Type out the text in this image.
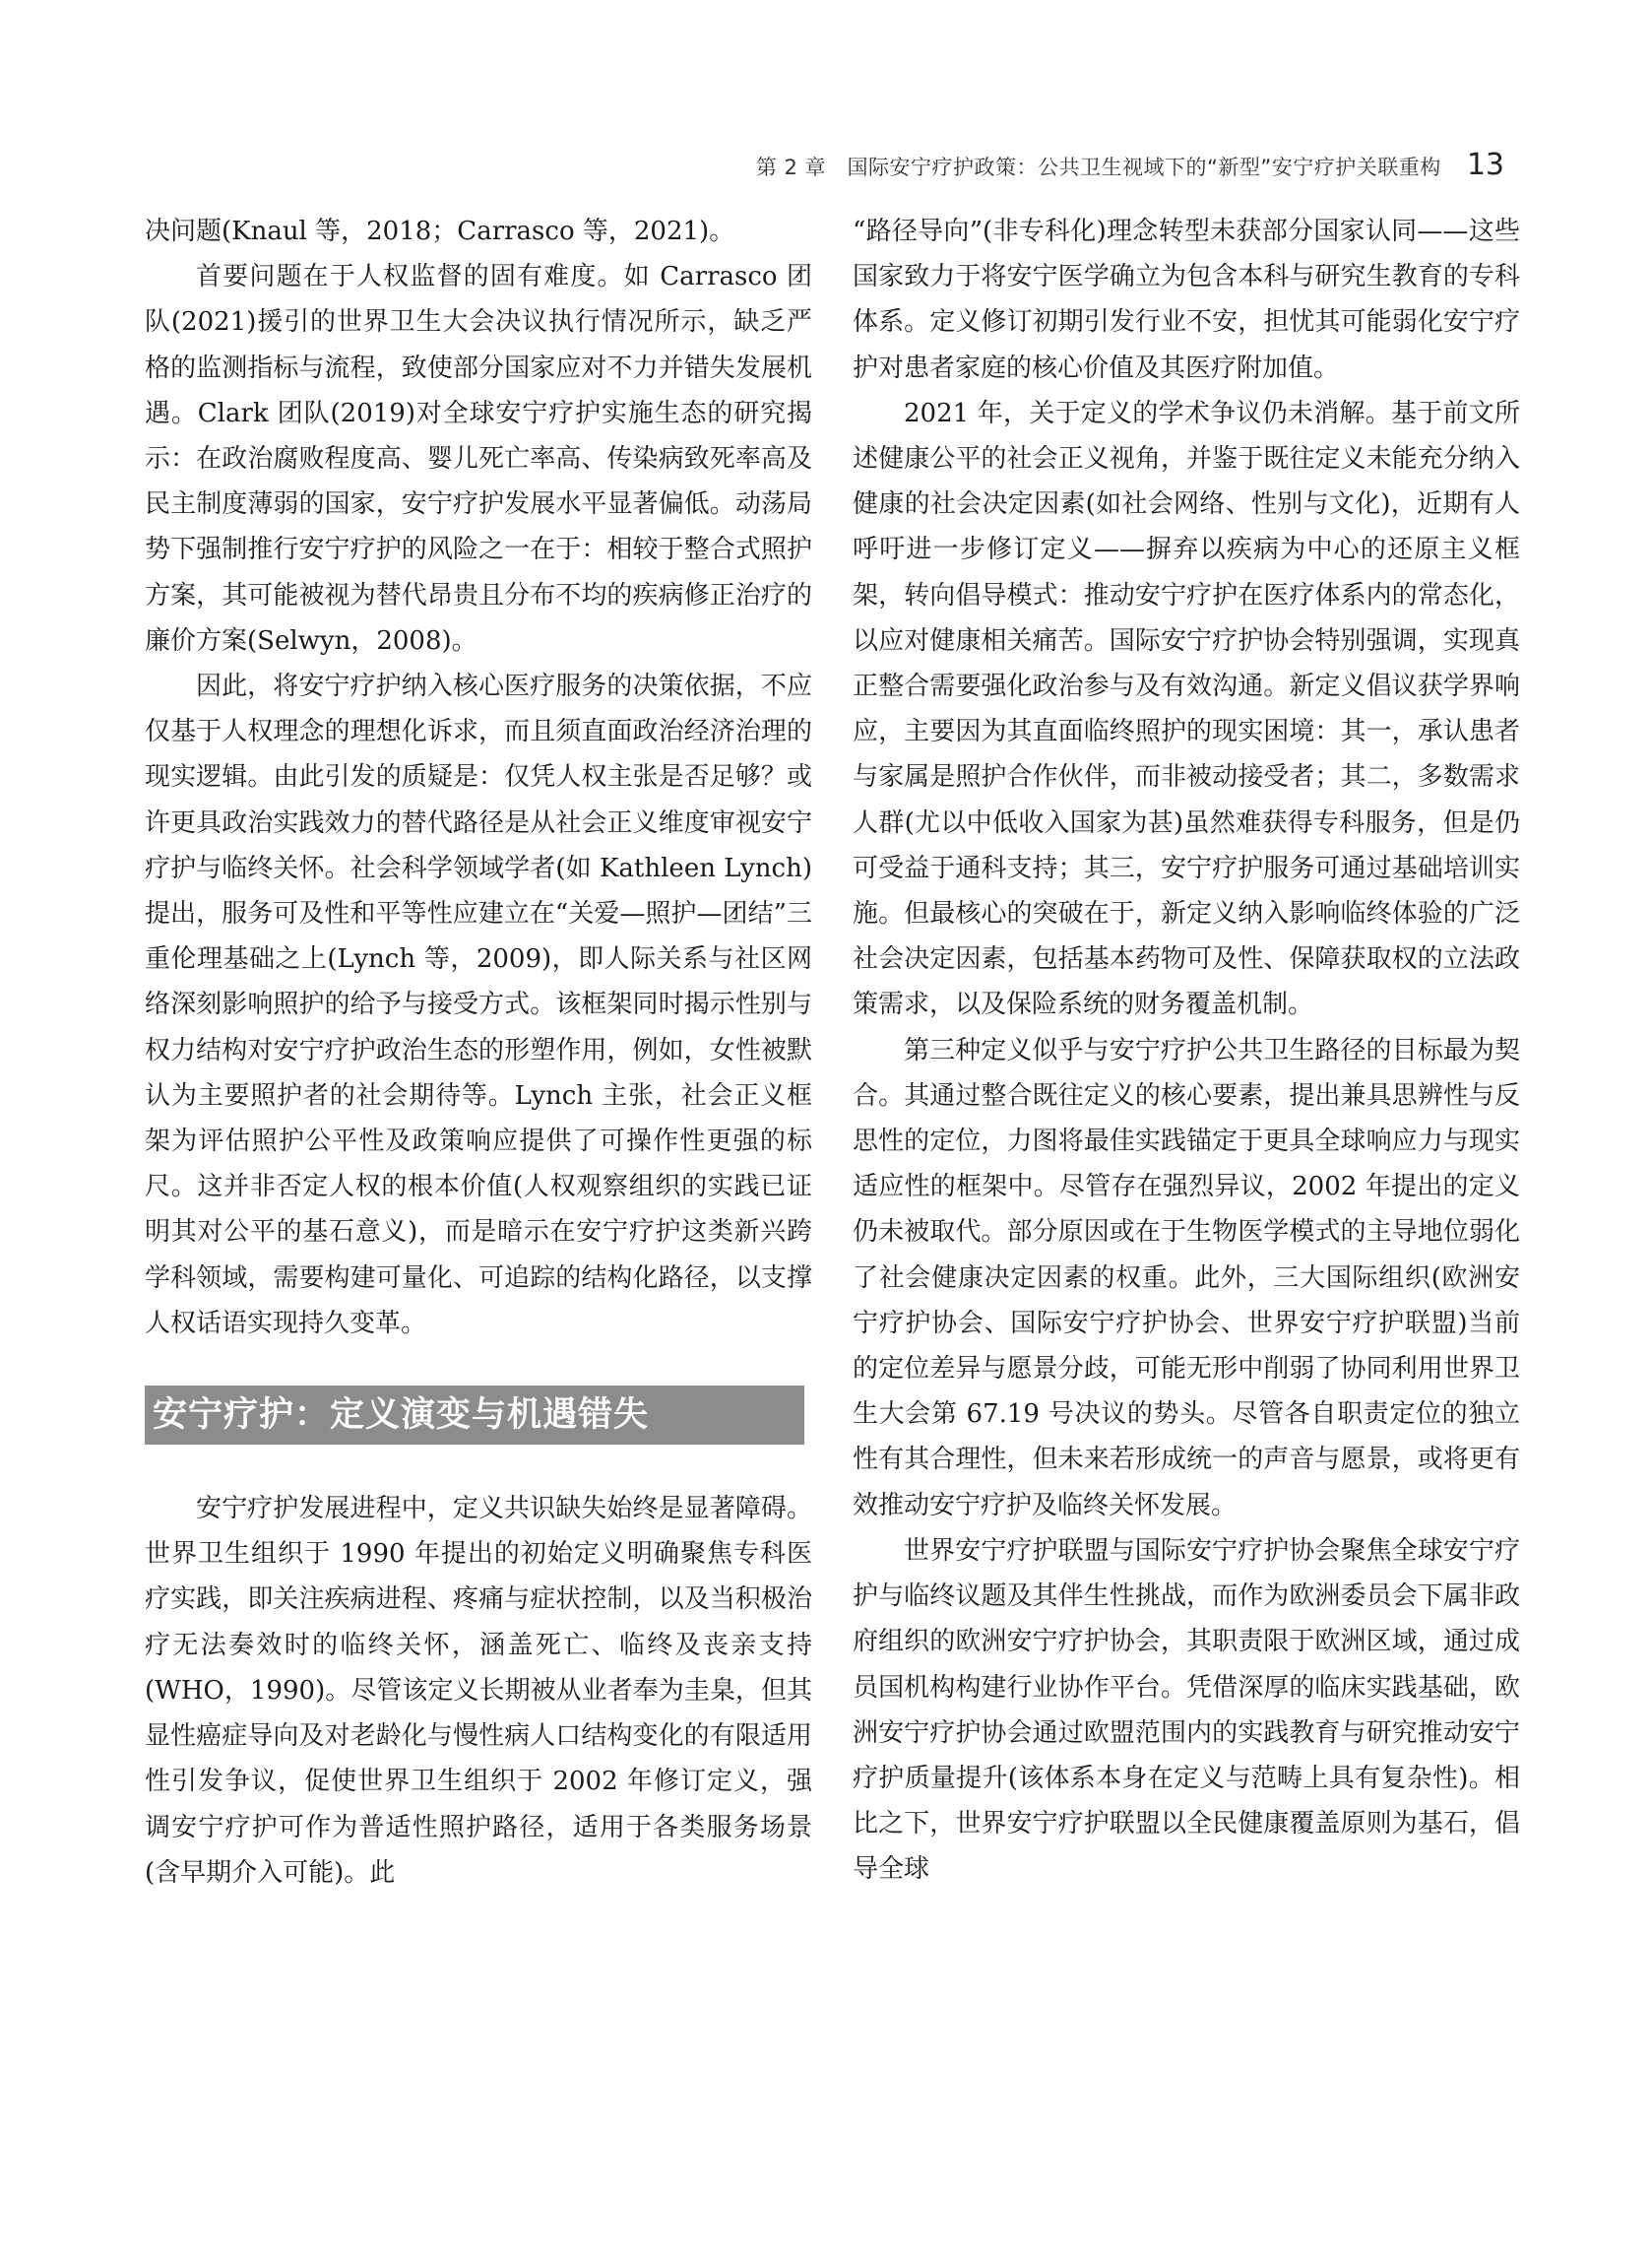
第 2 章　国际安宁疗护政策：公共卫生视域下的“新型”安宁疗护关联重构 13

决问题(Knaul 等，2018；Carrasco 等，2021)。

首要问题在于人权监督的固有难度。如 Carrasco 团队(2021)援引的世界卫生大会决议执行情况所示，缺乏严格的监测指标与流程，致使部分国家应对不力并错失发展机遇。Clark 团队(2019)对全球安宁疗护实施生态的研究揭示：在政治腐败程度高、婴儿死亡率高、传染病致死率高及民主制度薄弱的国家，安宁疗护发展水平显著偏低。动荡局势下强制推行安宁疗护的风险之一在于：相较于整合式照护方案，其可能被视为替代昂贵且分布不均的疾病修正治疗的廉价方案(Selwyn，2008)。

因此，将安宁疗护纳入核心医疗服务的决策依据，不应仅基于人权理念的理想化诉求，而且须直面政治经济治理的现实逻辑。由此引发的质疑是：仅凭人权主张是否足够？或许更具政治实践效力的替代路径是从社会正义维度审视安宁疗护与临终关怀。社会科学领域学者(如 Kathleen Lynch)提出，服务可及性和平等性应建立在“关爱—照护—团结”三重伦理基础之上(Lynch 等，2009)，即人际关系与社区网络深刻影响照护的给予与接受方式。该框架同时揭示性别与权力结构对安宁疗护政治生态的形塑作用，例如，女性被默认为主要照护者的社会期待等。Lynch 主张，社会正义框架为评估照护公平性及政策响应提供了可操作性更强的标尺。这并非否定人权的根本价值(人权观察组织的实践已证明其对公平的基石意义)，而是暗示在安宁疗护这类新兴跨学科领域，需要构建可量化、可追踪的结构化路径，以支撑人权话语实现持久变革。

安宁疗护：定义演变与机遇错失

安宁疗护发展进程中，定义共识缺失始终是显著障碍。世界卫生组织于 1990 年提出的初始定义明确聚焦专科医疗实践，即关注疾病进程、疼痛与症状控制，以及当积极治疗无法奏效时的临终关怀，涵盖死亡、临终及丧亲支持(WHO，1990)。尽管该定义长期被从业者奉为圭臬，但其显性癌症导向及对老龄化与慢性病人口结构变化的有限适用性引发争议，促使世界卫生组织于 2002 年修订定义，强调安宁疗护可作为普适性照护路径，适用于各类服务场景(含早期介入可能)。此

“路径导向”(非专科化)理念转型未获部分国家认同——这些国家致力于将安宁医学确立为包含本科与研究生教育的专科体系。定义修订初期引发行业不安，担忧其可能弱化安宁疗护对患者家庭的核心价值及其医疗附加值。

2021 年，关于定义的学术争议仍未消解。基于前文所述健康公平的社会正义视角，并鉴于既往定义未能充分纳入健康的社会决定因素(如社会网络、性别与文化)，近期有人呼吁进一步修订定义——摒弃以疾病为中心的还原主义框架，转向倡导模式：推动安宁疗护在医疗体系内的常态化，以应对健康相关痛苦。国际安宁疗护协会特别强调，实现真正整合需要强化政治参与及有效沟通。新定义倡议获学界响应，主要因为其直面临终照护的现实困境：其一，承认患者与家属是照护合作伙伴，而非被动接受者；其二，多数需求人群(尤以中低收入国家为甚)虽然难获得专科服务，但是仍可受益于通科支持；其三，安宁疗护服务可通过基础培训实施。但最核心的突破在于，新定义纳入影响临终体验的广泛社会决定因素，包括基本药物可及性、保障获取权的立法政策需求，以及保险系统的财务覆盖机制。

第三种定义似乎与安宁疗护公共卫生路径的目标最为契合。其通过整合既往定义的核心要素，提出兼具思辨性与反思性的定位，力图将最佳实践锚定于更具全球响应力与现实适应性的框架中。尽管存在强烈异议，2002 年提出的定义仍未被取代。部分原因或在于生物医学模式的主导地位弱化了社会健康决定因素的权重。此外，三大国际组织(欧洲安宁疗护协会、国际安宁疗护协会、世界安宁疗护联盟)当前的定位差异与愿景分歧，可能无形中削弱了协同利用世界卫生大会第 67.19 号决议的势头。尽管各自职责定位的独立性有其合理性，但未来若形成统一的声音与愿景，或将更有效推动安宁疗护及临终关怀发展。

世界安宁疗护联盟与国际安宁疗护协会聚焦全球安宁疗护与临终议题及其伴生性挑战，而作为欧洲委员会下属非政府组织的欧洲安宁疗护协会，其职责限于欧洲区域，通过成员国机构构建行业协作平台。凭借深厚的临床实践基础，欧洲安宁疗护协会通过欧盟范围内的实践教育与研究推动安宁疗护质量提升(该体系本身在定义与范畴上具有复杂性)。相比之下，世界安宁疗护联盟以全民健康覆盖原则为基石，倡导全球
